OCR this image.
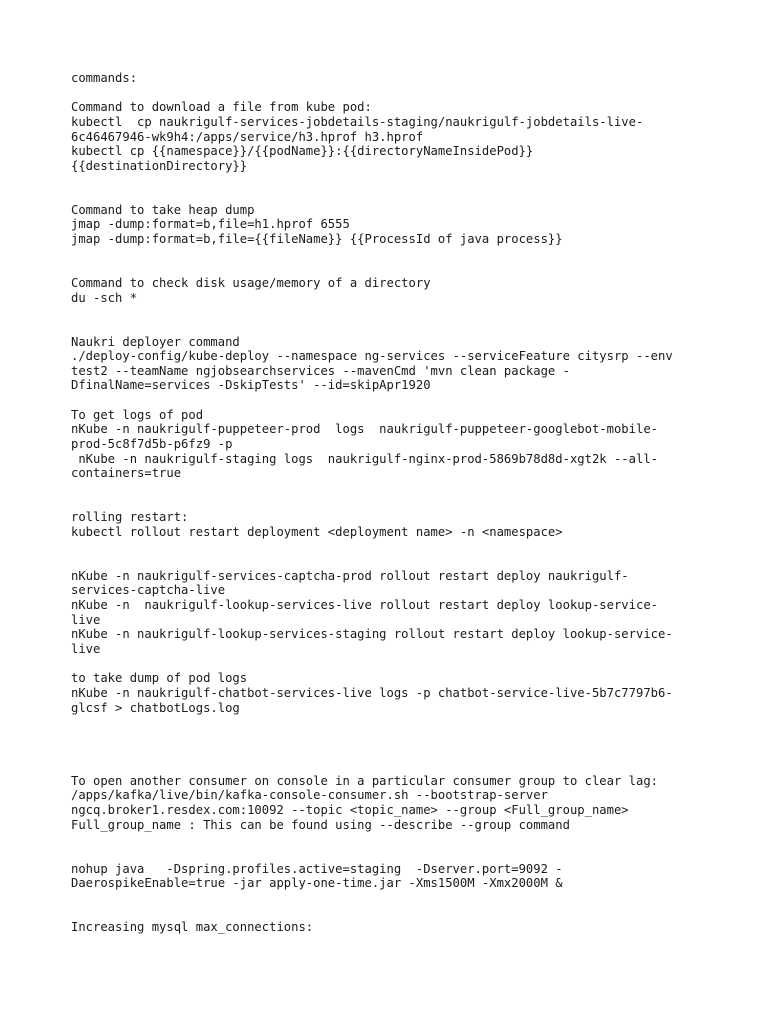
commands:
Command to download a file from kube pod:
kubectl  cp naukrigulf-services-jobdetails-staging/naukrigulf-jobdetails-live-
6c46467946-wk9h4:/apps/service/h3.hprof h3.hprof
kubectl cp {{namespace}}/{{podName}}:{{directoryNameInsidePod}}
{{destinationDirectory}}
Command to take heap dump
jmap -dump:format=b,file=h1.hprof 6555
jmap -dump:format=b,file={{fileName}} {{ProcessId of java process}}
Command to check disk usage/memory of a directory
du -sch *
Naukri deployer command
./deploy-config/kube-deploy --namespace ng-services --serviceFeature citysrp --env
test2 --teamName ngjobsearchservices --mavenCmd 'mvn clean package -
DfinalName=services -DskipTests' --id=skipApr1920
To get logs of pod
nKube -n naukrigulf-puppeteer-prod  logs  naukrigulf-puppeteer-googlebot-mobile-
prod-5c8f7d5b-p6fz9 -p
nKube -n naukrigulf-staging logs  naukrigulf-nginx-prod-5869b78d8d-xgt2k --all-
containers=true
rolling restart:
kubectl rollout restart deployment <deployment name> -n <namespace>
nKube -n naukrigulf-services-captcha-prod rollout restart deploy naukrigulf-
services-captcha-live
nKube -n  naukrigulf-lookup-services-live rollout restart deploy lookup-service-
live
nKube -n naukrigulf-lookup-services-staging rollout restart deploy lookup-service-
live
to take dump of pod logs
nKube -n naukrigulf-chatbot-services-live logs -p chatbot-service-live-5b7c7797b6-
glcsf > chatbotLogs.log
To open another consumer on console in a particular consumer group to clear lag:
/apps/kafka/live/bin/kafka-console-consumer.sh --bootstrap-server
ngcq.broker1.resdex.com:10092 --topic <topic_name> --group <Full_group_name>
Full_group_name : This can be found using --describe --group command
nohup java   -Dspring.profiles.active=staging  -Dserver.port=9092 -
DaerospikeEnable=true -jar apply-one-time.jar -Xms1500M -Xmx2000M &
Increasing mysql max_connections:
